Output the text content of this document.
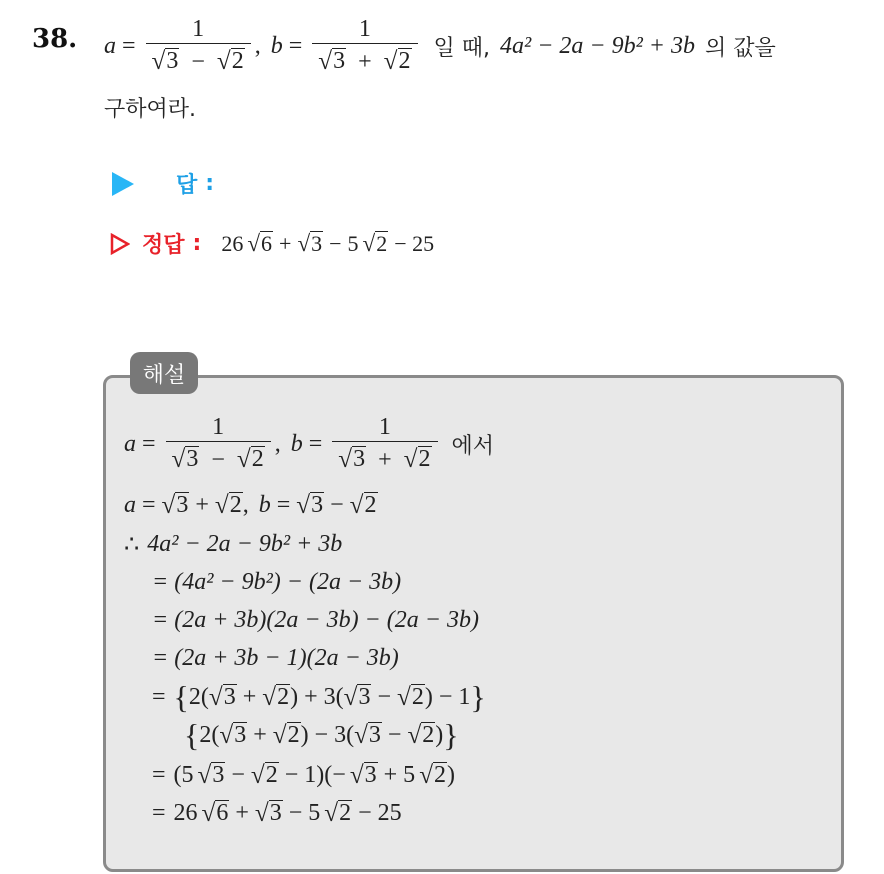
38. $a = \frac{1}{√ 3 - √ 2}$ , $b = \frac{1}{√ 3 + √ 2}$ 일 때, 4a² − 2a − 9b² + 3b 의 값을
구하여라.
답 :
정답 : 26 √ 6 + √ 3 − 5 √ 2 − 25
해설
$a = \frac{1}{√ 3 - √ 2}$ , $b = \frac{1}{√ 3 + √ 2}$ 에서
a = √ 3 + √ 2 , b = √ 3 − √ 2
∴ 4a² − 2a − 9b² + 3b
= (4a² − 9b²) − (2a − 3b)
= (2a + 3b)(2a − 3b) − (2a − 3b)
= (2a + 3b − 1)(2a − 3b)
= { 2( √ 3 + √ 2 ) + 3( √ 3 − √ 2 ) − 1 }
{ 2( √ 3 + √ 2 ) − 3( √ 3 − √ 2 ) }
= (5 √ 3 − √ 2 − 1)(− √ 3 + 5 √ 2 )
= 26 √ 6 + √ 3 − 5 √ 2 − 25
